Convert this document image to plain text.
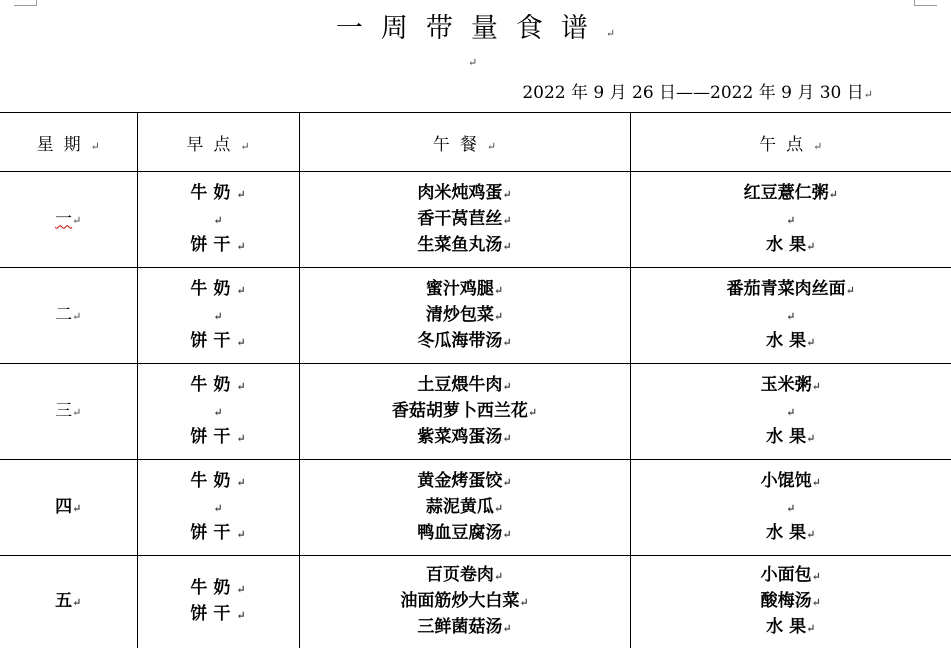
一周带量食谱↵
↵
2022 年 9 月 26 日——2022 年 9 月 30 日↵
星期↵	早点↵	午餐↵	午点↵

一↵	牛奶↵
↵
饼干↵	肉米炖鸡蛋↵
香干莴苣丝↵
生菜鱼丸汤↵	红豆薏仁粥↵
↵
水 果↵

二↵	牛奶↵
↵
饼干↵	蜜汁鸡腿↵
清炒包菜↵
冬瓜海带汤↵	番茄青菜肉丝面↵
↵
水 果↵

三↵	牛奶↵
↵
饼干↵	土豆煨牛肉↵
香菇胡萝卜西兰花↵
紫菜鸡蛋汤↵	玉米粥↵
↵
水 果↵

四↵	牛奶↵
↵
饼干↵	黄金烤蛋饺↵
蒜泥黄瓜↵
鸭血豆腐汤↵	小馄饨↵
↵
水 果↵

五↵	牛奶↵
饼干↵	百页卷肉↵
油面筋炒大白菜↵
三鲜菌菇汤↵	小面包↵
酸梅汤↵
水 果↵
